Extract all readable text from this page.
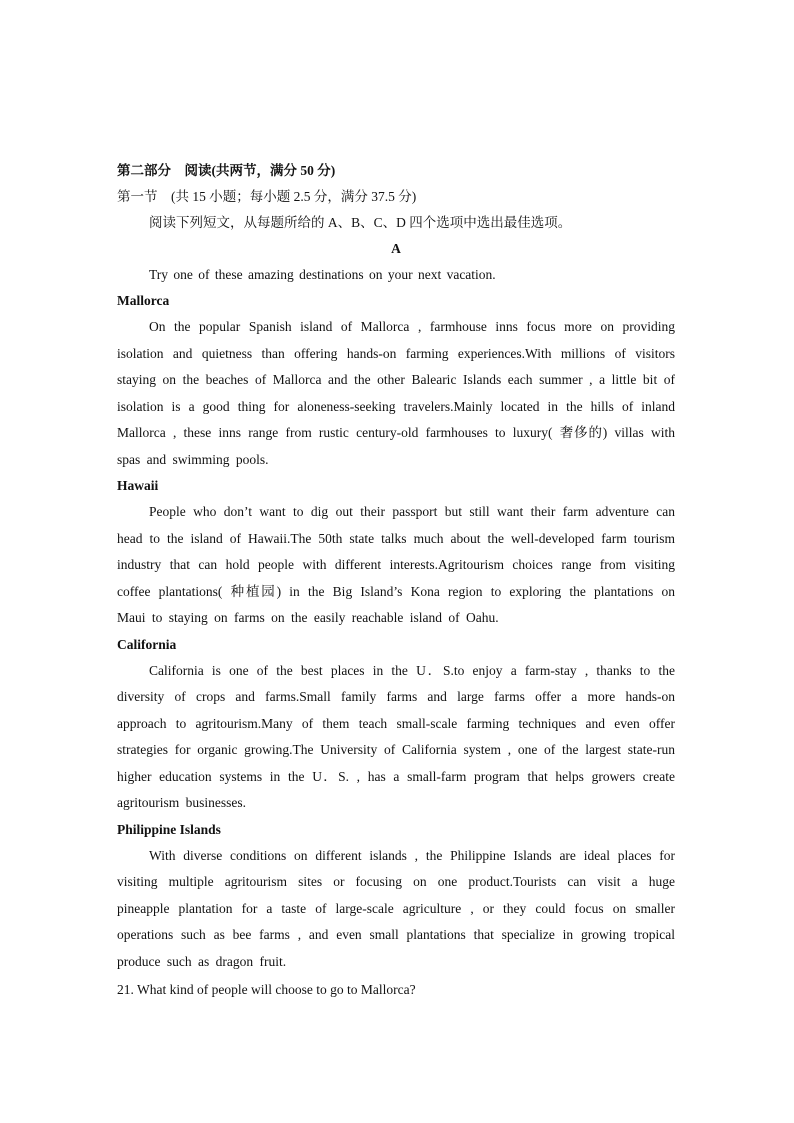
第二部分　阅读(共两节，满分 50 分)

第一节　(共 15 小题；每小题 2.5 分，满分 37.5 分)

阅读下列短文，从每题所给的 A、B、C、D 四个选项中选出最佳选项。

A

Try one of these amazing destinations on your next vacation.

Mallorca

On the popular Spanish island of Mallorca , farmhouse inns focus more on providing isolation and quietness than offering hands-on farming experiences.With millions of visitors staying on the beaches of Mallorca and the other Balearic Islands each summer , a little bit of isolation is a good thing for aloneness-seeking travelers.Mainly located in the hills of inland Mallorca , these inns range from rustic century-old farmhouses to luxury( 奢侈的) villas with spas and swimming pools.

Hawaii

People who don’t want to dig out their passport but still want their farm adventure can head to the island of Hawaii.The 50th state talks much about the well-developed farm tourism industry that can hold people with different interests.Agritourism choices range from visiting coffee plantations( 种植园) in the Big Island’s Kona region to exploring the plantations on Maui to staying on farms on the easily reachable island of Oahu.

California

California is one of the best places in the U．S.to enjoy a farm-stay , thanks to the diversity of crops and farms.Small family farms and large farms offer a more hands-on approach to agritourism.Many of them teach small-scale farming techniques and even offer strategies for organic growing.The University of California system , one of the largest state-run higher education systems in the U．S. , has a small-farm program that helps growers create agritourism businesses.

Philippine Islands

With diverse conditions on different islands , the Philippine Islands are ideal places for visiting multiple agritourism sites or focusing on one product.Tourists can visit a huge pineapple plantation for a taste of large-scale agriculture , or they could focus on smaller operations such as bee farms , and even small plantations that specialize in growing tropical produce such as dragon fruit.

21. What kind of people will choose to go to Mallorca?
